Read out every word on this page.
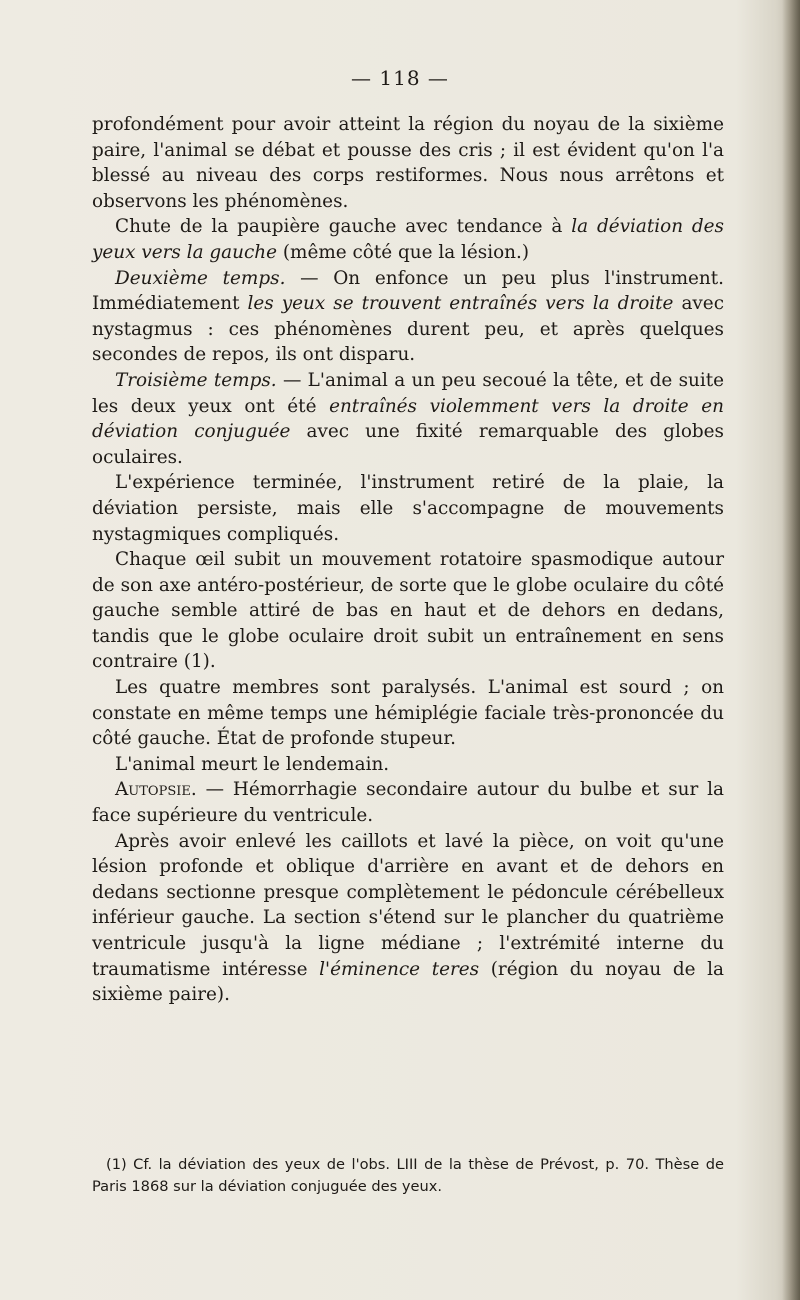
— 118 —

profondément pour avoir atteint la région du noyau de la sixième paire, l'animal se débat et pousse des cris ; il est évident qu'on l'a blessé au niveau des corps restiformes. Nous nous arrêtons et observons les phénomènes.

Chute de la paupière gauche avec tendance à la déviation des yeux vers la gauche (même côté que la lésion.)

Deuxième temps. — On enfonce un peu plus l'instrument. Immédiatement les yeux se trouvent entraînés vers la droite avec nystagmus : ces phénomènes durent peu, et après quelques secondes de repos, ils ont disparu.

Troisième temps. — L'animal a un peu secoué la tête, et de suite les deux yeux ont été entraînés violemment vers la droite en déviation conjuguée avec une fixité remarquable des globes oculaires.

L'expérience terminée, l'instrument retiré de la plaie, la déviation persiste, mais elle s'accompagne de mouvements nystagmiques compliqués.

Chaque œil subit un mouvement rotatoire spasmodique autour de son axe antéro-postérieur, de sorte que le globe oculaire du côté gauche semble attiré de bas en haut et de dehors en dedans, tandis que le globe oculaire droit subit un entraînement en sens contraire (1).

Les quatre membres sont paralysés. L'animal est sourd ; on constate en même temps une hémiplégie faciale très-prononcée du côté gauche. État de profonde stupeur.

L'animal meurt le lendemain.

Autopsie. — Hémorrhagie secondaire autour du bulbe et sur la face supérieure du ventricule.

Après avoir enlevé les caillots et lavé la pièce, on voit qu'une lésion profonde et oblique d'arrière en avant et de dehors en dedans sectionne presque complètement le pédoncule cérébelleux inférieur gauche. La section s'étend sur le plancher du quatrième ventricule jusqu'à la ligne médiane ; l'extrémité interne du traumatisme intéresse l'éminence teres (région du noyau de la sixième paire).

(1) Cf. la déviation des yeux de l'obs. LIII de la thèse de Prévost, p. 70. Thèse de Paris 1868 sur la déviation conjuguée des yeux.
